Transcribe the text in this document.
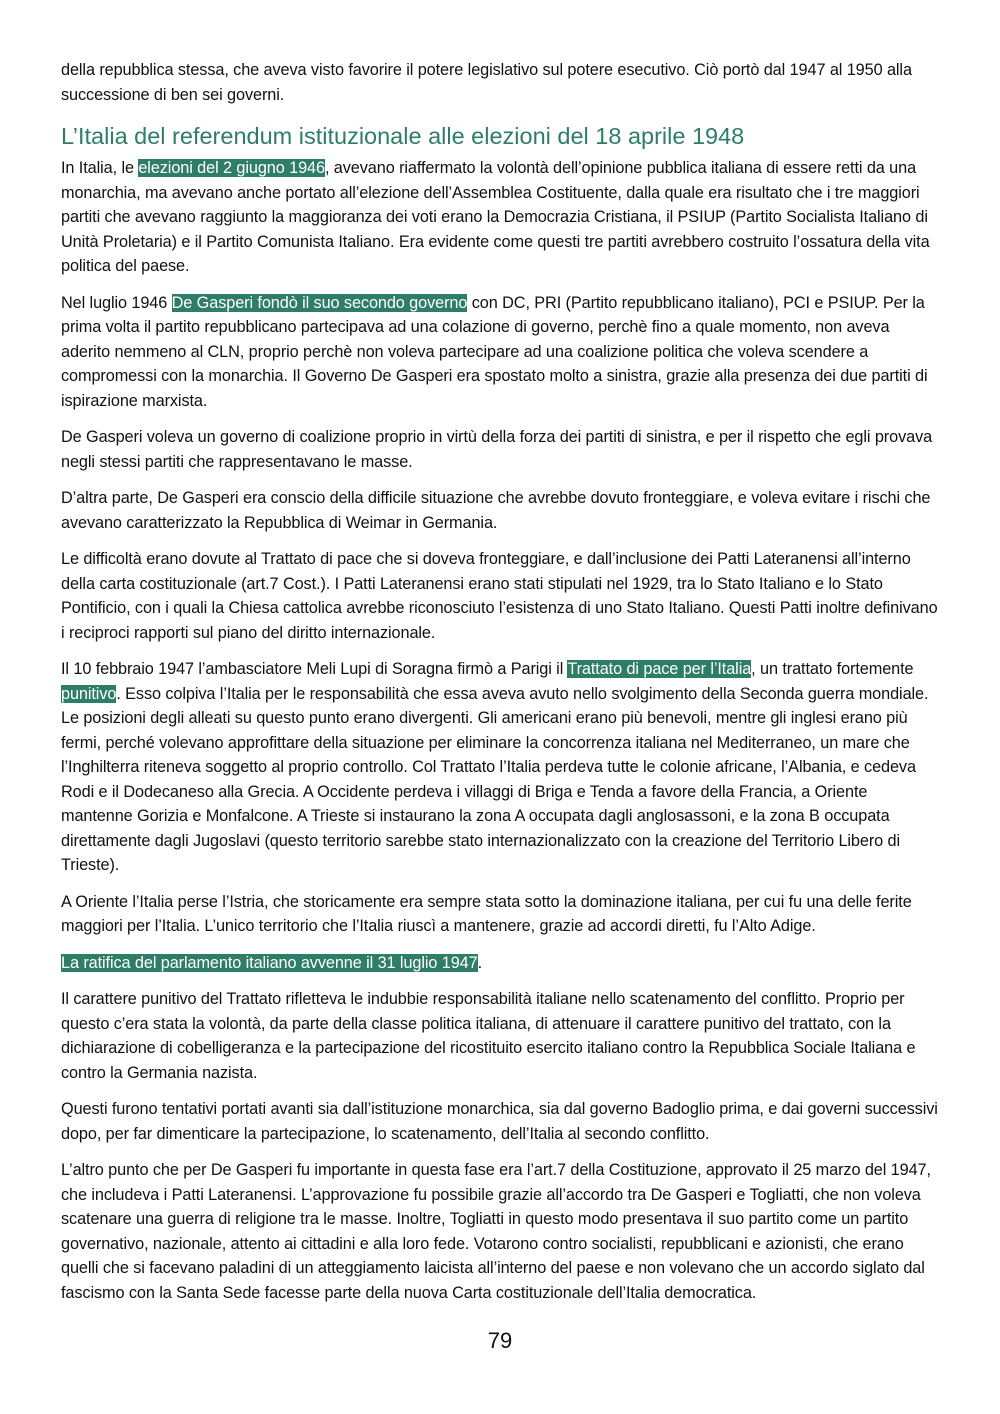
della repubblica stessa, che aveva visto favorire il potere legislativo sul potere esecutivo. Ciò portò dal 1947 al 1950 alla successione di ben sei governi.

L’Italia del referendum istituzionale alle elezioni del 18 aprile 1948

In Italia, le elezioni del 2 giugno 1946, avevano riaffermato la volontà dell’opinione pubblica italiana di essere retti da una monarchia, ma avevano anche portato all’elezione dell’Assemblea Costituente, dalla quale era risultato che i tre maggiori partiti che avevano raggiunto la maggioranza dei voti erano la Democrazia Cristiana, il PSIUP (Partito Socialista Italiano di Unità Proletaria) e il Partito Comunista Italiano. Era evidente come questi tre partiti avrebbero costruito l’ossatura della vita politica del paese.

Nel luglio 1946 De Gasperi fondò il suo secondo governo con DC, PRI (Partito repubblicano italiano), PCI e PSIUP. Per la prima volta il partito repubblicano partecipava ad una colazione di governo, perchè fino a quale momento, non aveva aderito nemmeno al CLN, proprio perchè non voleva partecipare ad una coalizione politica che voleva scendere a compromessi con la monarchia. Il Governo De Gasperi era spostato molto a sinistra, grazie alla presenza dei due partiti di ispirazione marxista.

De Gasperi voleva un governo di coalizione proprio in virtù della forza dei partiti di sinistra, e per il rispetto che egli provava negli stessi partiti che rappresentavano le masse.

D’altra parte, De Gasperi era conscio della difficile situazione che avrebbe dovuto fronteggiare, e voleva evitare i rischi che avevano caratterizzato la Repubblica di Weimar in Germania.

Le difficoltà erano dovute al Trattato di pace che si doveva fronteggiare, e dall’inclusione dei Patti Lateranensi all’interno della carta costituzionale (art.7 Cost.). I Patti Lateranensi erano stati stipulati nel 1929, tra lo Stato Italiano e lo Stato Pontificio, con i quali la Chiesa cattolica avrebbe riconosciuto l’esistenza di uno Stato Italiano. Questi Patti inoltre definivano i reciproci rapporti sul piano del diritto internazionale.

Il 10 febbraio 1947 l’ambasciatore Meli Lupi di Soragna firmò a Parigi il Trattato di pace per l’Italia, un trattato fortemente punitivo. Esso colpiva l’Italia per le responsabilità che essa aveva avuto nello svolgimento della Seconda guerra mondiale. Le posizioni degli alleati su questo punto erano divergenti. Gli americani erano più benevoli, mentre gli inglesi erano più fermi, perché volevano approfittare della situazione per eliminare la concorrenza italiana nel Mediterraneo, un mare che l’Inghilterra riteneva soggetto al proprio controllo. Col Trattato l’Italia perdeva tutte le colonie africane, l’Albania, e cedeva Rodi e il Dodecaneso alla Grecia. A Occidente perdeva i villaggi di Briga e Tenda a favore della Francia, a Oriente mantenne Gorizia e Monfalcone. A Trieste si instaurano la zona A occupata dagli anglosassoni, e la zona B occupata direttamente dagli Jugoslavi (questo territorio sarebbe stato internazionalizzato con la creazione del Territorio Libero di Trieste).

A Oriente l’Italia perse l’Istria, che storicamente era sempre stata sotto la dominazione italiana, per cui fu una delle ferite maggiori per l’Italia. L’unico territorio che l’Italia riuscì a mantenere, grazie ad accordi diretti, fu l’Alto Adige.

La ratifica del parlamento italiano avvenne il 31 luglio 1947.

Il carattere punitivo del Trattato rifletteva le indubbie responsabilità italiane nello scatenamento del conflitto. Proprio per questo c’era stata la volontà, da parte della classe politica italiana, di attenuare il carattere punitivo del trattato, con la dichiarazione di cobelligeranza e la partecipazione del ricostituito esercito italiano contro la Repubblica Sociale Italiana e contro la Germania nazista.

Questi furono tentativi portati avanti sia dall’istituzione monarchica, sia dal governo Badoglio prima, e dai governi successivi dopo, per far dimenticare la partecipazione, lo scatenamento, dell’Italia al secondo conflitto.

L’altro punto che per De Gasperi fu importante in questa fase era l’art.7 della Costituzione, approvato il 25 marzo del 1947, che includeva i Patti Lateranensi. L’approvazione fu possibile grazie all’accordo tra De Gasperi e Togliatti, che non voleva scatenare una guerra di religione tra le masse. Inoltre, Togliatti in questo modo presentava il suo partito come un partito governativo, nazionale, attento ai cittadini e alla loro fede. Votarono contro socialisti, repubblicani e azionisti, che erano quelli che si facevano paladini di un atteggiamento laicista all’interno del paese e non volevano che un accordo siglato dal fascismo con la Santa Sede facesse parte della nuova Carta costituzionale dell’Italia democratica.

79
